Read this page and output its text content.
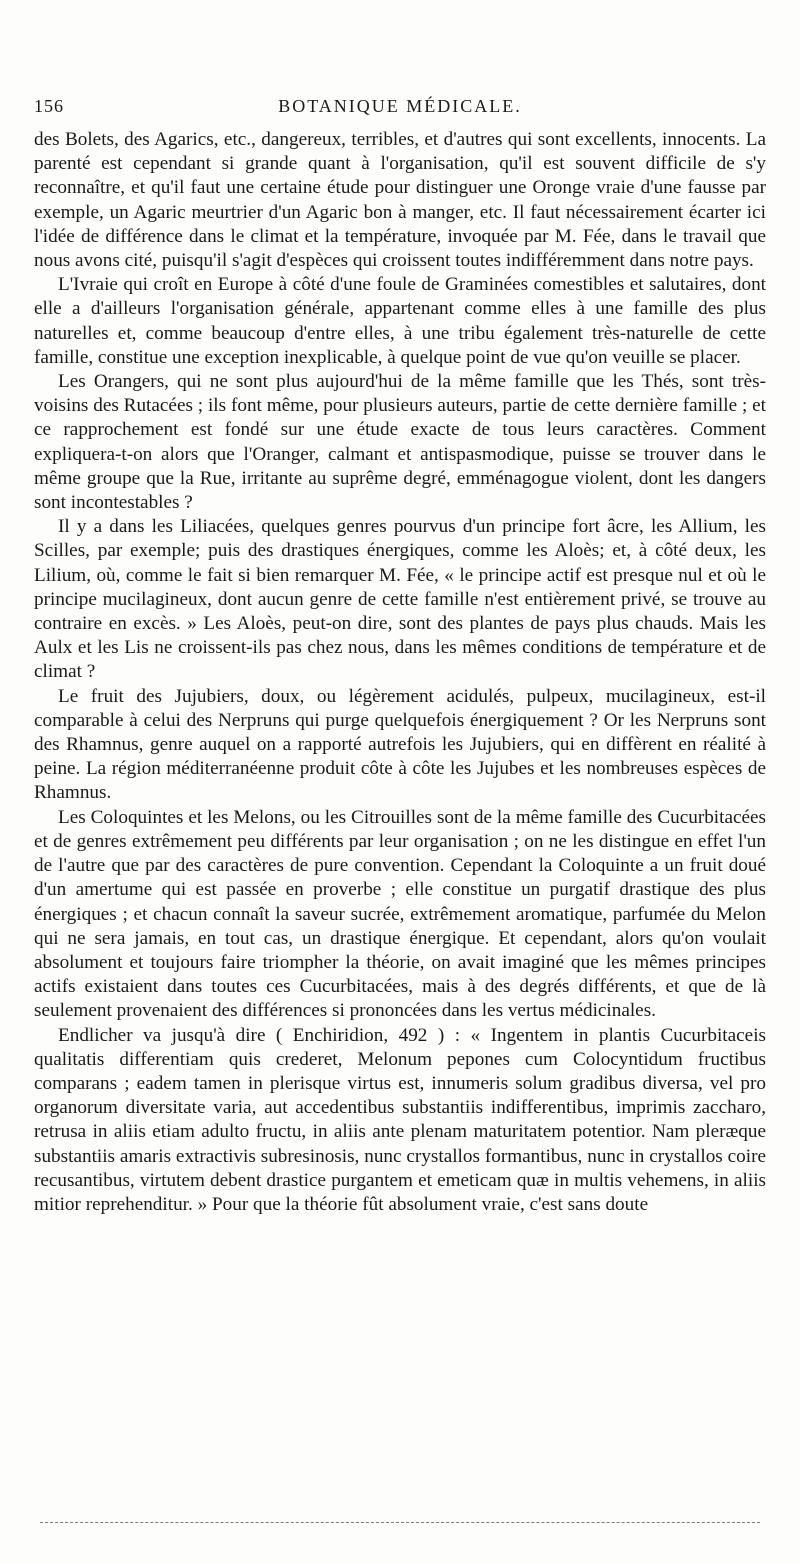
156	BOTANIQUE MÉDICALE.

des Bolets, des Agarics, etc., dangereux, terribles, et d'autres qui sont excellents, innocents. La parenté est cependant si grande quant à l'organisation, qu'il est souvent difficile de s'y reconnaître, et qu'il faut une certaine étude pour distinguer une Oronge vraie d'une fausse par exemple, un Agaric meurtrier d'un Agaric bon à manger, etc. Il faut nécessairement écarter ici l'idée de différence dans le climat et la température, invoquée par M. Fée, dans le travail que nous avons cité, puisqu'il s'agit d'espèces qui croissent toutes indifféremment dans notre pays.

L'Ivraie qui croît en Europe à côté d'une foule de Graminées comestibles et salutaires, dont elle a d'ailleurs l'organisation générale, appartenant comme elles à une famille des plus naturelles et, comme beaucoup d'entre elles, à une tribu également très-naturelle de cette famille, constitue une exception inexplicable, à quelque point de vue qu'on veuille se placer.

Les Orangers, qui ne sont plus aujourd'hui de la même famille que les Thés, sont très-voisins des Rutacées ; ils font même, pour plusieurs auteurs, partie de cette dernière famille ; et ce rapprochement est fondé sur une étude exacte de tous leurs caractères. Comment expliquera-t-on alors que l'Oranger, calmant et antispasmodique, puisse se trouver dans le même groupe que la Rue, irritante au suprême degré, emménagogue violent, dont les dangers sont incontestables ?

Il y a dans les Liliacées, quelques genres pourvus d'un principe fort âcre, les Allium, les Scilles, par exemple; puis des drastiques énergiques, comme les Aloès; et, à côté deux, les Lilium, où, comme le fait si bien remarquer M. Fée, « le principe actif est presque nul et où le principe mucilagineux, dont aucun genre de cette famille n'est entièrement privé, se trouve au contraire en excès. » Les Aloès, peut-on dire, sont des plantes de pays plus chauds. Mais les Aulx et les Lis ne croissent-ils pas chez nous, dans les mêmes conditions de température et de climat ?

Le fruit des Jujubiers, doux, ou légèrement acidulés, pulpeux, mucilagineux, est-il comparable à celui des Nerpruns qui purge quelquefois énergiquement ? Or les Nerpruns sont des Rhamnus, genre auquel on a rapporté autrefois les Jujubiers, qui en diffèrent en réalité à peine. La région méditerranéenne produit côte à côte les Jujubes et les nombreuses espèces de Rhamnus.

Les Coloquintes et les Melons, ou les Citrouilles sont de la même famille des Cucurbitacées et de genres extrêmement peu différents par leur organisation ; on ne les distingue en effet l'un de l'autre que par des caractères de pure convention. Cependant la Coloquinte a un fruit doué d'un amertume qui est passée en proverbe ; elle constitue un purgatif drastique des plus énergiques ; et chacun connaît la saveur sucrée, extrêmement aromatique, parfumée du Melon qui ne sera jamais, en tout cas, un drastique énergique. Et cependant, alors qu'on voulait absolument et toujours faire triompher la théorie, on avait imaginé que les mêmes principes actifs existaient dans toutes ces Cucurbitacées, mais à des degrés différents, et que de là seulement provenaient des différences si prononcées dans les vertus médicinales.

Endlicher va jusqu'à dire ( Enchiridion, 492 ) : « Ingentem in plantis Cucurbitaceis qualitatis differentiam quis crederet, Melonum pepones cum Colocyntidum fructibus comparans ; eadem tamen in plerisque virtus est, innumeris solum gradibus diversa, vel pro organorum diversitate varia, aut accedentibus substantiis indifferentibus, imprimis zaccharo, retrusa in aliis etiam adulto fructu, in aliis ante plenam maturitatem potentior. Nam pleræque substantiis amaris extractivis subresinosis, nunc crystallos formantibus, nunc in crystallos coire recusantibus, virtutem debent drastice purgantem et emeticam quæ in multis vehemens, in aliis mitior reprehenditur. » Pour que la théorie fût absolument vraie, c'est sans doute
